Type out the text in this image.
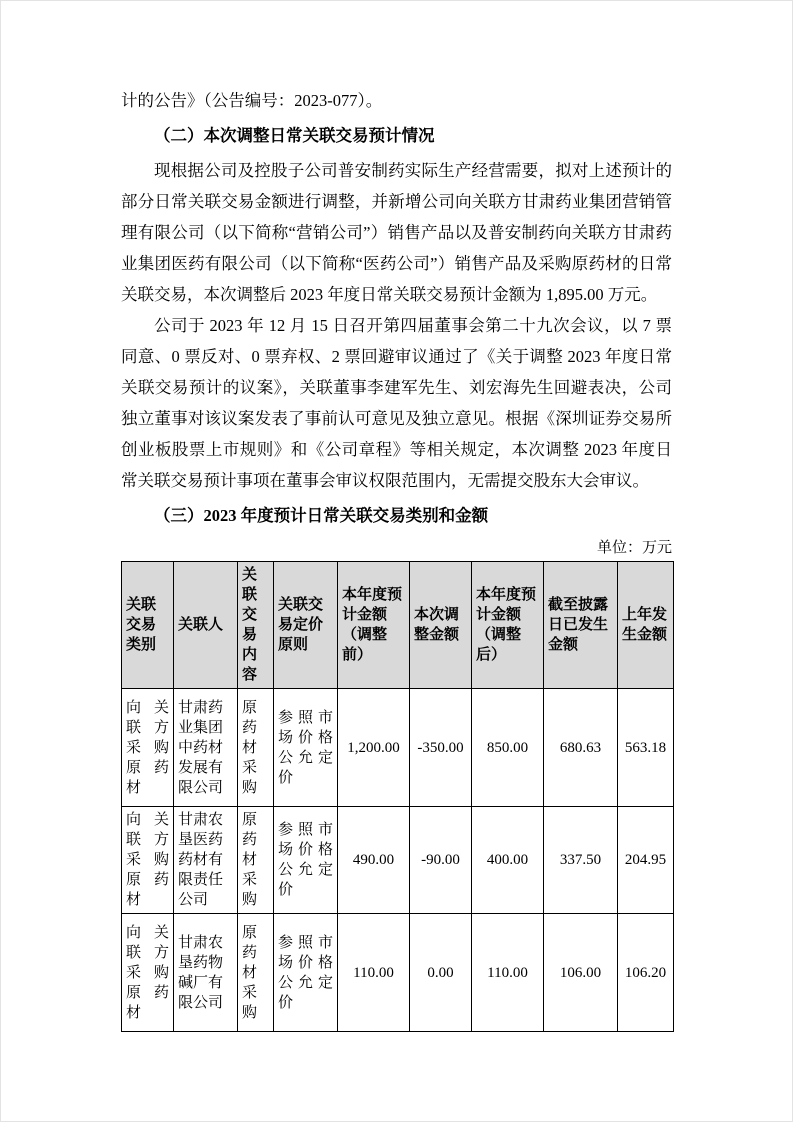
计的公告》（公告编号：2023-077）。

（二）本次调整日常关联交易预计情况

现根据公司及控股子公司普安制药实际生产经营需要，拟对上述预计的部分日常关联交易金额进行调整，并新增公司向关联方甘肃药业集团营销管理有限公司（以下简称“营销公司”）销售产品以及普安制药向关联方甘肃药业集团医药有限公司（以下简称“医药公司”）销售产品及采购原药材的日常关联交易，本次调整后 2023 年度日常关联交易预计金额为 1,895.00 万元。

公司于 2023 年 12 月 15 日召开第四届董事会第二十九次会议，以 7 票同意、0 票反对、0 票弃权、2 票回避审议通过了《关于调整 2023 年度日常关联交易预计的议案》，关联董事李建军先生、刘宏海先生回避表决，公司独立董事对该议案发表了事前认可意见及独立意见。根据《深圳证券交易所创业板股票上市规则》和《公司章程》等相关规定，本次调整 2023 年度日常关联交易预计事项在董事会审议权限范围内，无需提交股东大会审议。

（三）2023 年度预计日常关联交易类别和金额
单位：万元
关联交易类别	关联人	关联交易内容	关联交易定价原则	本年度预计金额（调整前）	本次调整金额	本年度预计金额（调整后）	截至披露日已发生金额	上年发生金额
向关联方采购原药材	甘肃药业集团中药材发展有限公司	原药材采购	参照市场价格公允定价	1,200.00	-350.00	850.00	680.63	563.18
向关联方采购原药材	甘肃农垦医药药材有限责任公司	原药材采购	参照市场价格公允定价	490.00	-90.00	400.00	337.50	204.95
向关联方采购原药材	甘肃农垦药物碱厂有限公司	原药材采购	参照市场价格公允定价	110.00	0.00	110.00	106.00	106.20
